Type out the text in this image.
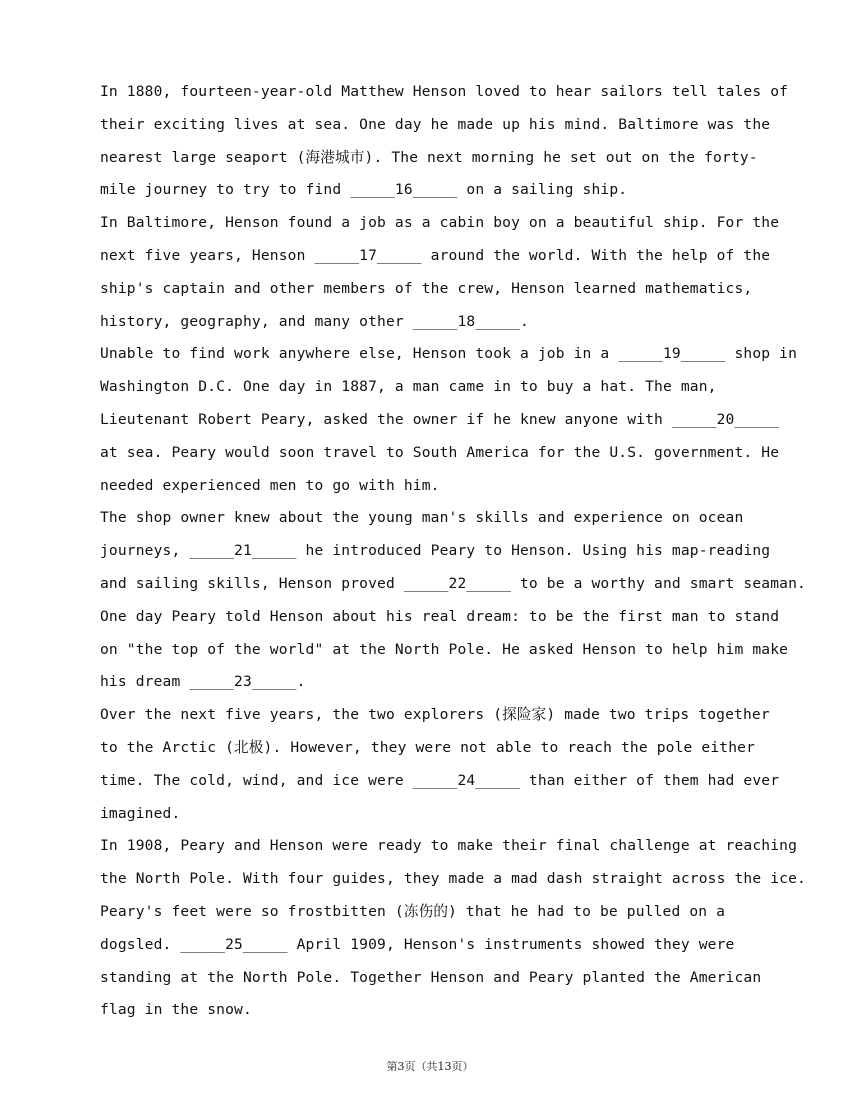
In 1880, fourteen-year-old Matthew Henson loved to hear sailors tell tales of
their exciting lives at sea. One day he made up his mind. Baltimore was the
nearest large seaport (海港城市). The next morning he set out on the forty-
mile journey to try to find _____16_____ on a sailing ship.
In Baltimore, Henson found a job as a cabin boy on a beautiful ship. For the
next five years, Henson _____17_____ around the world. With the help of the
ship's captain and other members of the crew, Henson learned mathematics,
history, geography, and many other _____18_____.
Unable to find work anywhere else, Henson took a job in a _____19_____ shop in
Washington D.C. One day in 1887, a man came in to buy a hat. The man,
Lieutenant Robert Peary, asked the owner if he knew anyone with _____20_____
at sea. Peary would soon travel to South America for the U.S. government. He
needed experienced men to go with him.
The shop owner knew about the young man's skills and experience on ocean
journeys, _____21_____ he introduced Peary to Henson. Using his map-reading
and sailing skills, Henson proved _____22_____ to be a worthy and smart seaman.
One day Peary told Henson about his real dream: to be the first man to stand
on "the top of the world" at the North Pole. He asked Henson to help him make
his dream _____23_____.
Over the next five years, the two explorers (探险家) made two trips together
to the Arctic (北极). However, they were not able to reach the pole either
time. The cold, wind, and ice were _____24_____ than either of them had ever
imagined.
In 1908, Peary and Henson were ready to make their final challenge at reaching
the North Pole. With four guides, they made a mad dash straight across the ice.
Peary's feet were so frostbitten (冻伤的) that he had to be pulled on a
dogsled. _____25_____ April 1909, Henson's instruments showed they were
standing at the North Pole. Together Henson and Peary planted the American
flag in the snow.
第3页（共13页）
